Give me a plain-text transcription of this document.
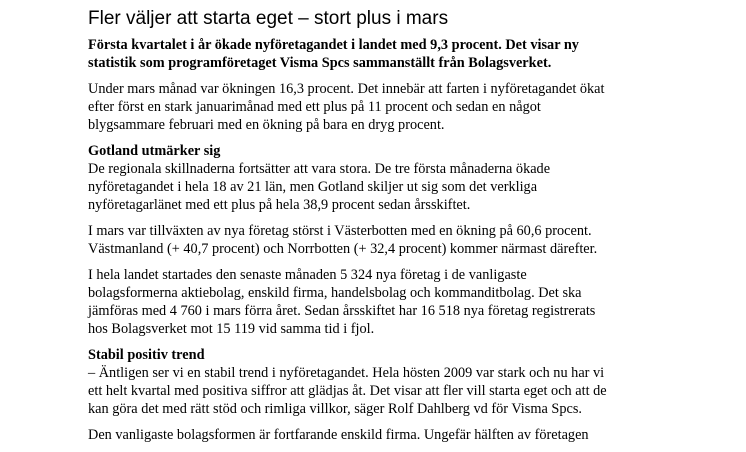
Fler väljer att starta eget – stort plus i mars

Första kvartalet i år ökade nyföretagandet i landet med 9,3 procent. Det visar ny
statistik som programföretaget Visma Spcs sammanställt från Bolagsverket.

Under mars månad var ökningen 16,3 procent. Det innebär att farten i nyföretagandet ökat
efter först en stark januarimånad med ett plus på 11 procent och sedan en något
blygsammare februari med en ökning på bara en dryg procent.

Gotland utmärker sig
De regionala skillnaderna fortsätter att vara stora. De tre första månaderna ökade
nyföretagandet i hela 18 av 21 län, men Gotland skiljer ut sig som det verkliga
nyföretagarlänet med ett plus på hela 38,9 procent sedan årsskiftet.

I mars var tillväxten av nya företag störst i Västerbotten med en ökning på 60,6 procent.
Västmanland (+ 40,7 procent) och Norrbotten (+ 32,4 procent) kommer närmast därefter.

I hela landet startades den senaste månaden 5 324 nya företag i de vanligaste
bolagsformerna aktiebolag, enskild firma, handelsbolag och kommanditbolag. Det ska
jämföras med 4 760 i mars förra året. Sedan årsskiftet har 16 518 nya företag registrerats
hos Bolagsverket mot 15 119 vid samma tid i fjol.

Stabil positiv trend
– Äntligen ser vi en stabil trend i nyföretagandet. Hela hösten 2009 var stark och nu har vi
ett helt kvartal med positiva siffror att glädjas åt. Det visar att fler vill starta eget och att de
kan göra det med rätt stöd och rimliga villkor, säger Rolf Dahlberg vd för Visma Spcs.

Den vanligaste bolagsformen är fortfarande enskild firma. Ungefär hälften av företagen
